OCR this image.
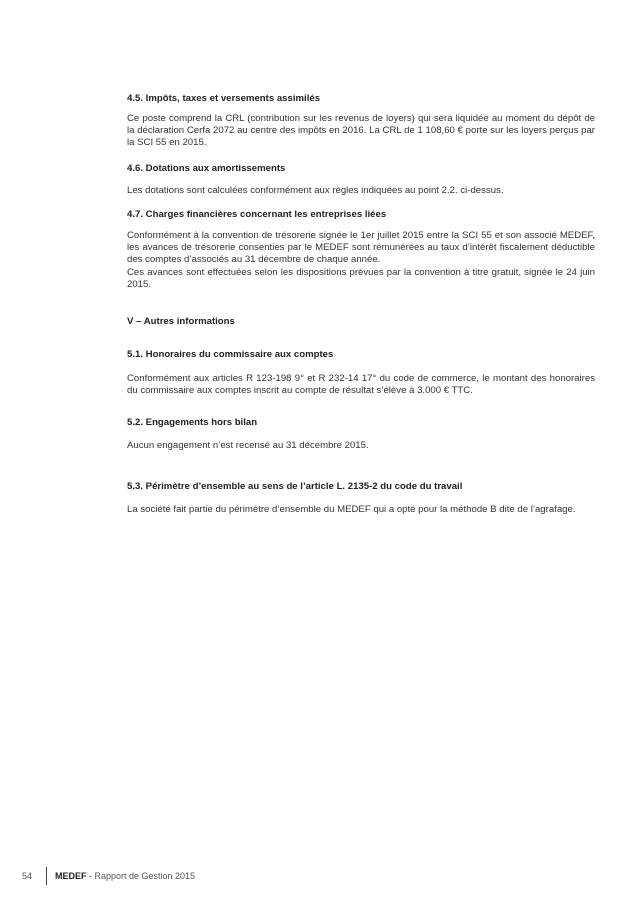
4.5. Impôts, taxes et versements assimilés

Ce poste comprend la CRL (contribution sur les revenus de loyers) qui sera liquidée au moment du dépôt de la déclaration Cerfa 2072 au centre des impôts en 2016. La CRL de 1 108,60 € porte sur les loyers perçus par la SCI 55 en 2015.

4.6. Dotations aux amortissements

Les dotations sont calculées conformément aux règles indiquées au point 2.2. ci-dessus.

4.7. Charges financières concernant les entreprises liées

Conformément à la convention de trésorerie signée le 1er juillet 2015 entre la SCI 55 et son associé MEDEF, les avances de trésorerie consenties par le MEDEF sont rémunérées au taux d’intérêt fiscalement déductible des comptes d’associés au 31 décembre de chaque année.

Ces avances sont effectuées selon les dispositions prévues par la convention à titre gratuit, signée le 24 juin 2015.

V – Autres informations

5.1. Honoraires du commissaire aux comptes

Conformément aux articles R 123-198 9° et R 232-14 17° du code de commerce, le montant des honoraires du commissaire aux comptes inscrit au compte de résultat s’élève à 3.000 € TTC.

5.2. Engagements hors bilan

Aucun engagement n’est recensé au 31 décembre 2015.

5.3. Périmètre d’ensemble au sens de l’article L. 2135-2 du code du travail

La société fait partie du périmètre d’ensemble du MEDEF qui a opté pour la méthode B dite de l’agrafage.

54	MEDEF - Rapport de Gestion 2015
